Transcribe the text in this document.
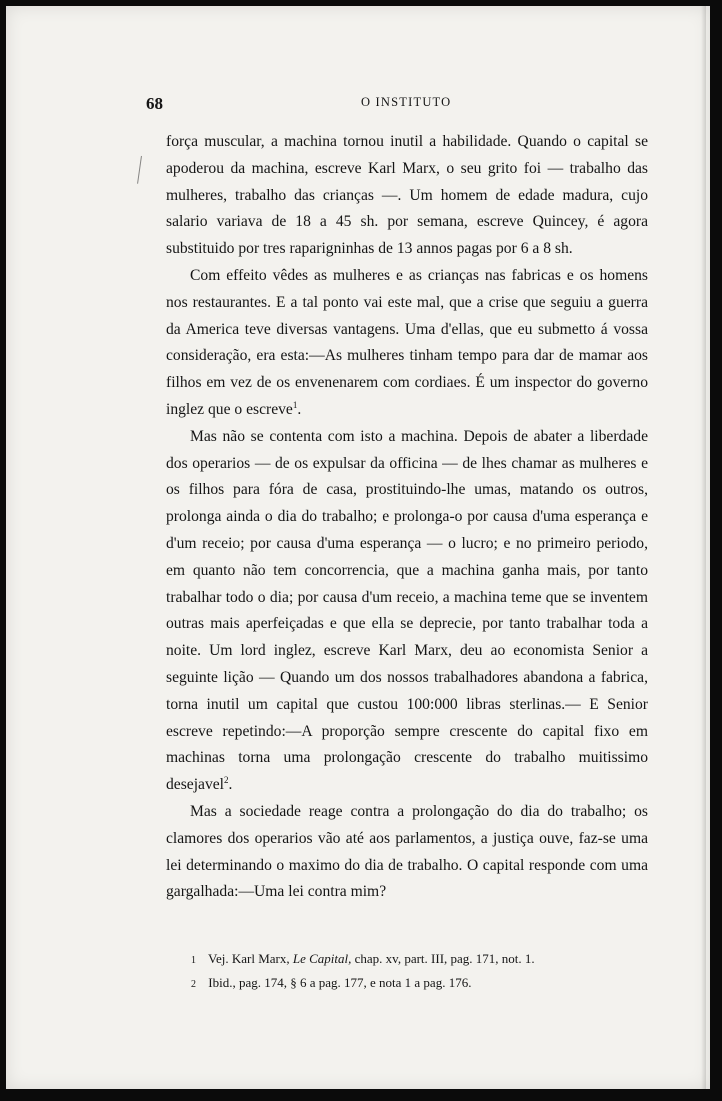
68	O INSTITUTO

força muscular, a machina tornou inutil a habilidade. Quando o capital se apoderou da machina, escreve Karl Marx, o seu grito foi — trabalho das mulheres, trabalho das crianças —. Um homem de edade madura, cujo salario variava de 18 a 45 sh. por semana, escreve Quincey, é agora substituido por tres raparigninhas de 13 annos pagas por 6 a 8 sh.

Com effeito vêdes as mulheres e as crianças nas fabricas e os homens nos restaurantes. E a tal ponto vai este mal, que a crise que seguiu a guerra da America teve diversas vantagens. Uma d'ellas, que eu submetto á vossa consideração, era esta:—As mulheres tinham tempo para dar de mamar aos filhos em vez de os envenenarem com cordiaes. É um inspector do governo inglez que o escreve$^1$.

Mas não se contenta com isto a machina. Depois de abater a liberdade dos operarios — de os expulsar da officina — de lhes chamar as mulheres e os filhos para fóra de casa, prostituindo-lhe umas, matando os outros, prolonga ainda o dia do trabalho; e prolonga-o por causa d'uma esperança e d'um receio; por causa d'uma esperança — o lucro; e no primeiro periodo, em quanto não tem concorrencia, que a machina ganha mais, por tanto trabalhar todo o dia; por causa d'um receio, a machina teme que se inventem outras mais aperfeiçadas e que ella se deprecie, por tanto trabalhar toda a noite. Um lord inglez, escreve Karl Marx, deu ao economista Senior a seguinte lição — Quando um dos nossos trabalhadores abandona a fabrica, torna inutil um capital que custou 100:000 libras sterlinas.— E Senior escreve repetindo:—A proporção sempre crescente do capital fixo em machinas torna uma prolongação crescente do trabalho muitissimo desejavel$^2$.

Mas a sociedade reage contra a prolongação do dia do trabalho; os clamores dos operarios vão até aos parlamentos, a justiça ouve, faz-se uma lei determinando o maximo do dia de trabalho. O capital responde com uma gargalhada:—Uma lei contra mim?

1 Vej. Karl Marx, Le Capital, chap. xv, part. III, pag. 171, not. 1.
2 Ibid., pag. 174, § 6 a pag. 177, e nota 1 a pag. 176.
